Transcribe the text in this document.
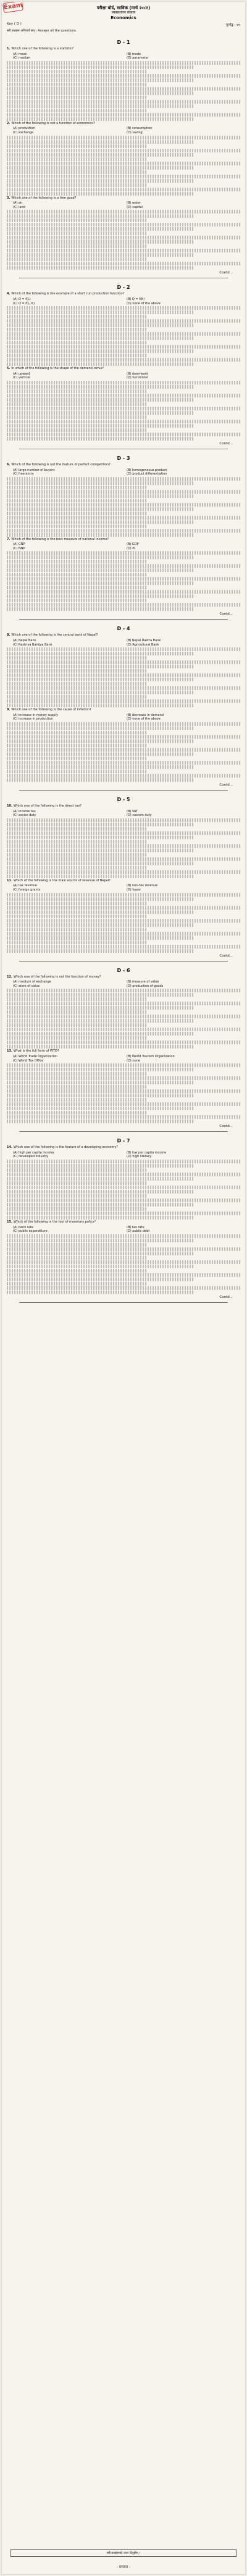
Exam	परीक्षा बोर्ड, साविक (मार्च २०८१)
व्यवस्थापन संकाय
Economics
Key ( D )	पूर्णाङ्क : ४०
सबै प्रश्नहरू अनिवार्य छन् । Answer all the questions.
D - 1
1. Which one of the following is a statistic?
(A) mean	(B) mode
(C) median	(D) parameter
2. Which of the following is not a function of economics?
(A) production	(B) consumption
(C) exchange	(D) saving
3. Which one of the following is a free good?
(A) air	(B) water
(C) land	(D) capital
Contd...
D - 2
4. Which of the following is the example of a short run production function?
(A) Q = f(L)	(B) Q = f(K)
(C) Q = f(L, K)	(D) none of the above
5. In which of the following is the shape of the demand curve?
(A) upward	(B) downward
(C) vertical	(D) horizontal
Contd...
D - 3
6. Which of the following is not the feature of perfect competition?
(A) large number of buyers	(B) homogeneous product
(C) free entry	(D) product differentiation
7. Which of the following is the best measure of national income?
(A) GNP	(B) GDP
(C) NNP	(D) PI
Contd...
D - 4
8. Which one of the following is the central bank of Nepal?
(A) Nepal Bank	(B) Nepal Rastra Bank
(C) Rastriya Banijya Bank	(D) Agricultural Bank
9. Which one of the following is the cause of inflation?
(A) increase in money supply	(B) decrease in demand
(C) increase in production	(D) none of the above
Contd...
D - 5
10. Which one of the following is the direct tax?
(A) income tax	(B) VAT
(C) excise duty	(D) custom duty
11. Which of the following is the main source of revenue of Nepal?
(A) tax revenue	(B) non-tax revenue
(C) foreign grants	(D) loans
Contd...
D - 6
12. Which one of the following is not the function of money?
(A) medium of exchange	(B) measure of value
(C) store of value	(D) production of goods
13. What is the full form of WTO?
(A) World Trade Organization	(B) World Tourism Organization
(C) World Tax Office	(D) none
Contd...
D - 7
14. Which one of the following is the feature of a developing economy?
(A) high per capita income	(B) low per capita income
(C) developed industry	(D) high literacy
15. Which of the following is the tool of monetary policy?
(A) bank rate	(B) tax rate
(C) public expenditure	(D) public debt
Contd...
सबै प्रश्नहरूको उत्तर दिनुहोस् ।
- समाप्त -
